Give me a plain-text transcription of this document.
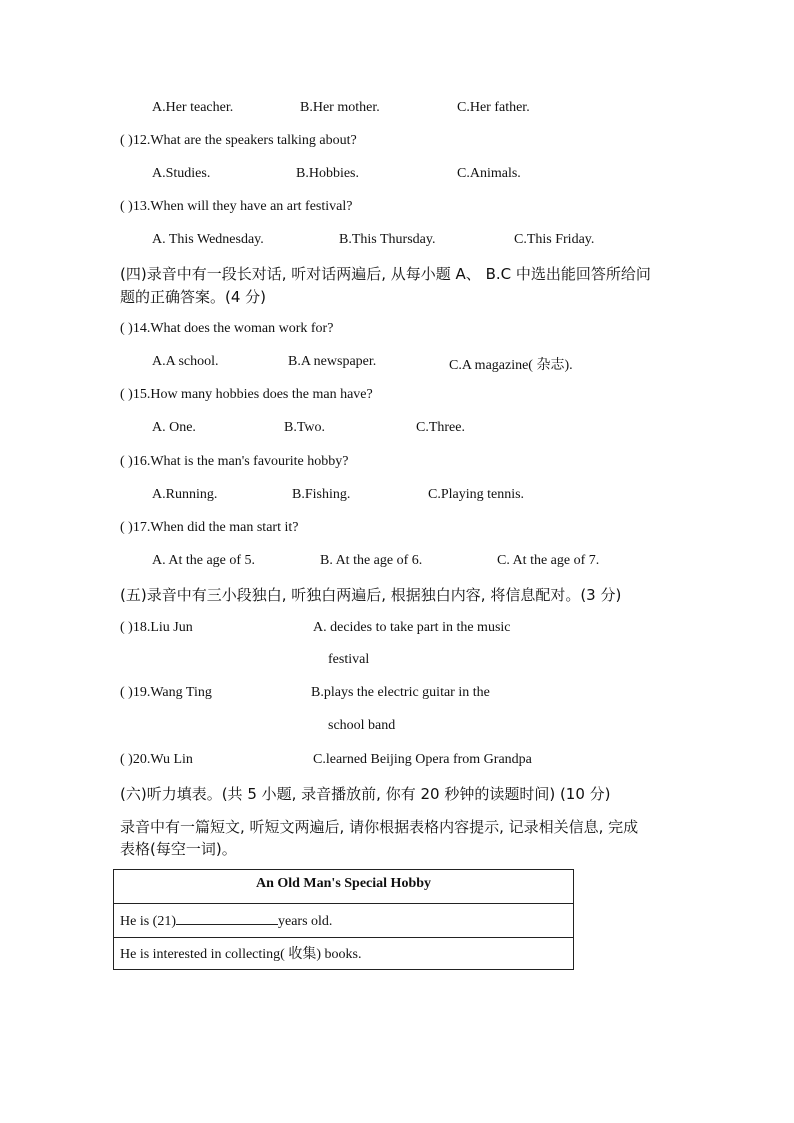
A.Her teacher.	B.Her mother.	C.Her father.
( )12.What are the speakers talking about?
A.Studies.	B.Hobbies.	C.Animals.
( )13.When will they have an art festival?
A. This Wednesday.	B.This Thursday.	C.This Friday.
(四)录音中有一段长对话, 听对话两遍后, 从每小题 A、 B.C 中选出能回答所给问
题的正确答案。(4 分)
( )14.What does the woman work for?
A.A school.	B.A newspaper.	C.A magazine( 杂志).
( )15.How many hobbies does the man have?
A. One.	B.Two.	C.Three.
( )16.What is the man's favourite hobby?
A.Running.	B.Fishing.	C.Playing tennis.
( )17.When did the man start it?
A. At the age of 5.	B. At the age of 6.	C. At the age of 7.
(五)录音中有三小段独白, 听独白两遍后, 根据独白内容, 将信息配对。(3 分)
( )18.Liu Jun	A. decides to take part in the music
festival
( )19.Wang Ting	B.plays the electric guitar in the
school band
( )20.Wu Lin	C.learned Beijing Opera from Grandpa
(六)听力填表。(共 5 小题, 录音播放前, 你有 20 秒钟的读题时间) (10 分)
录音中有一篇短文, 听短文两遍后, 请你根据表格内容提示, 记录相关信息, 完成
表格(每空一词)。
An Old Man's Special Hobby
He is (21)	years old.
He is interested in collecting( 收集) books.
